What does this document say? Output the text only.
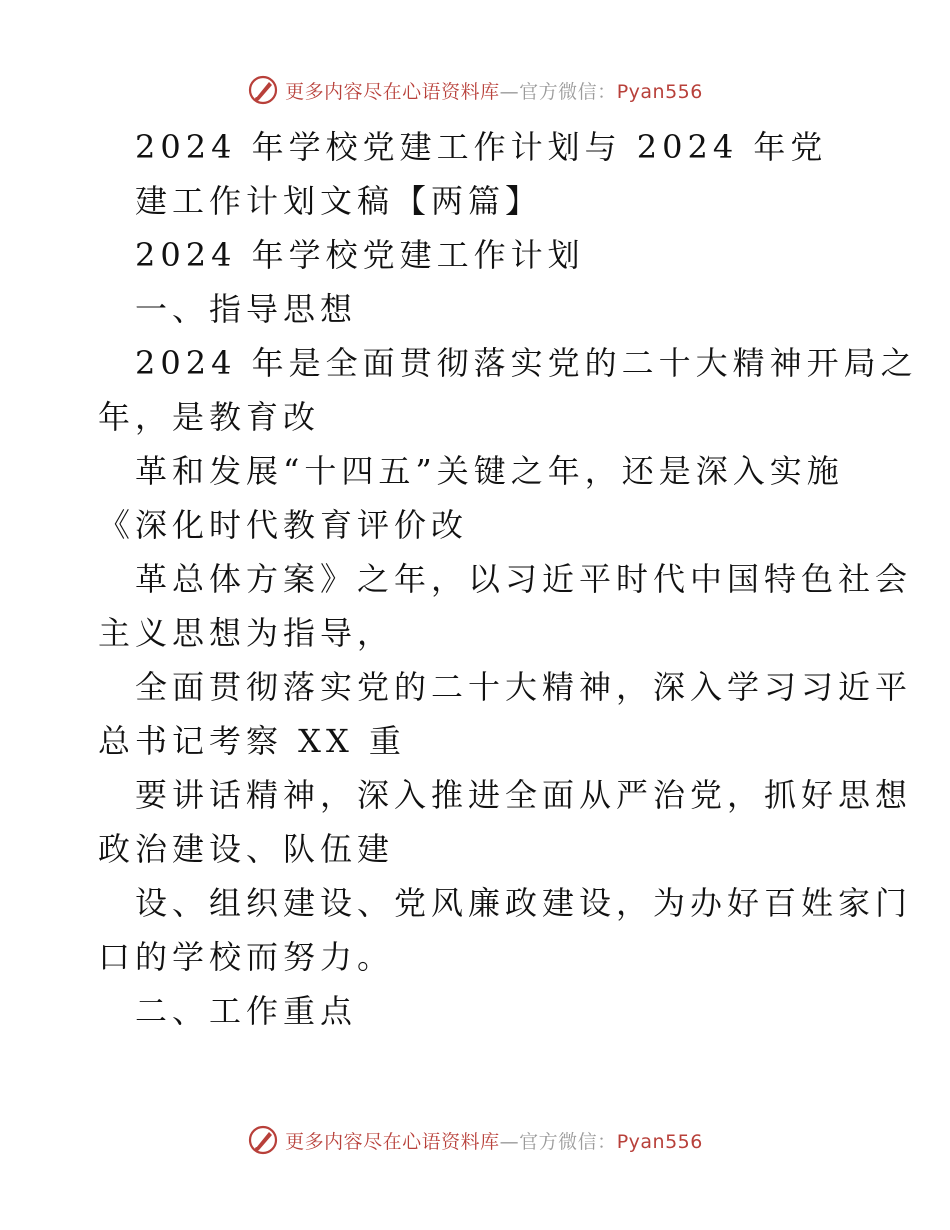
更多内容尽在心语资料库—官方微信：Pyan556
2024 年学校党建工作计划与 2024 年党
建工作计划文稿【两篇】
2024 年学校党建工作计划
一、指导思想
2024 年是全面贯彻落实党的二十大精神开局之
年，是教育改
革和发展“十四五”关键之年，还是深入实施
《深化时代教育评价改
革总体方案》之年，以习近平时代中国特色社会
主义思想为指导，
全面贯彻落实党的二十大精神，深入学习习近平
总书记考察 XX 重
要讲话精神，深入推进全面从严治党，抓好思想
政治建设、队伍建
设、组织建设、党风廉政建设，为办好百姓家门
口的学校而努力。
二、工作重点
更多内容尽在心语资料库—官方微信：Pyan556
